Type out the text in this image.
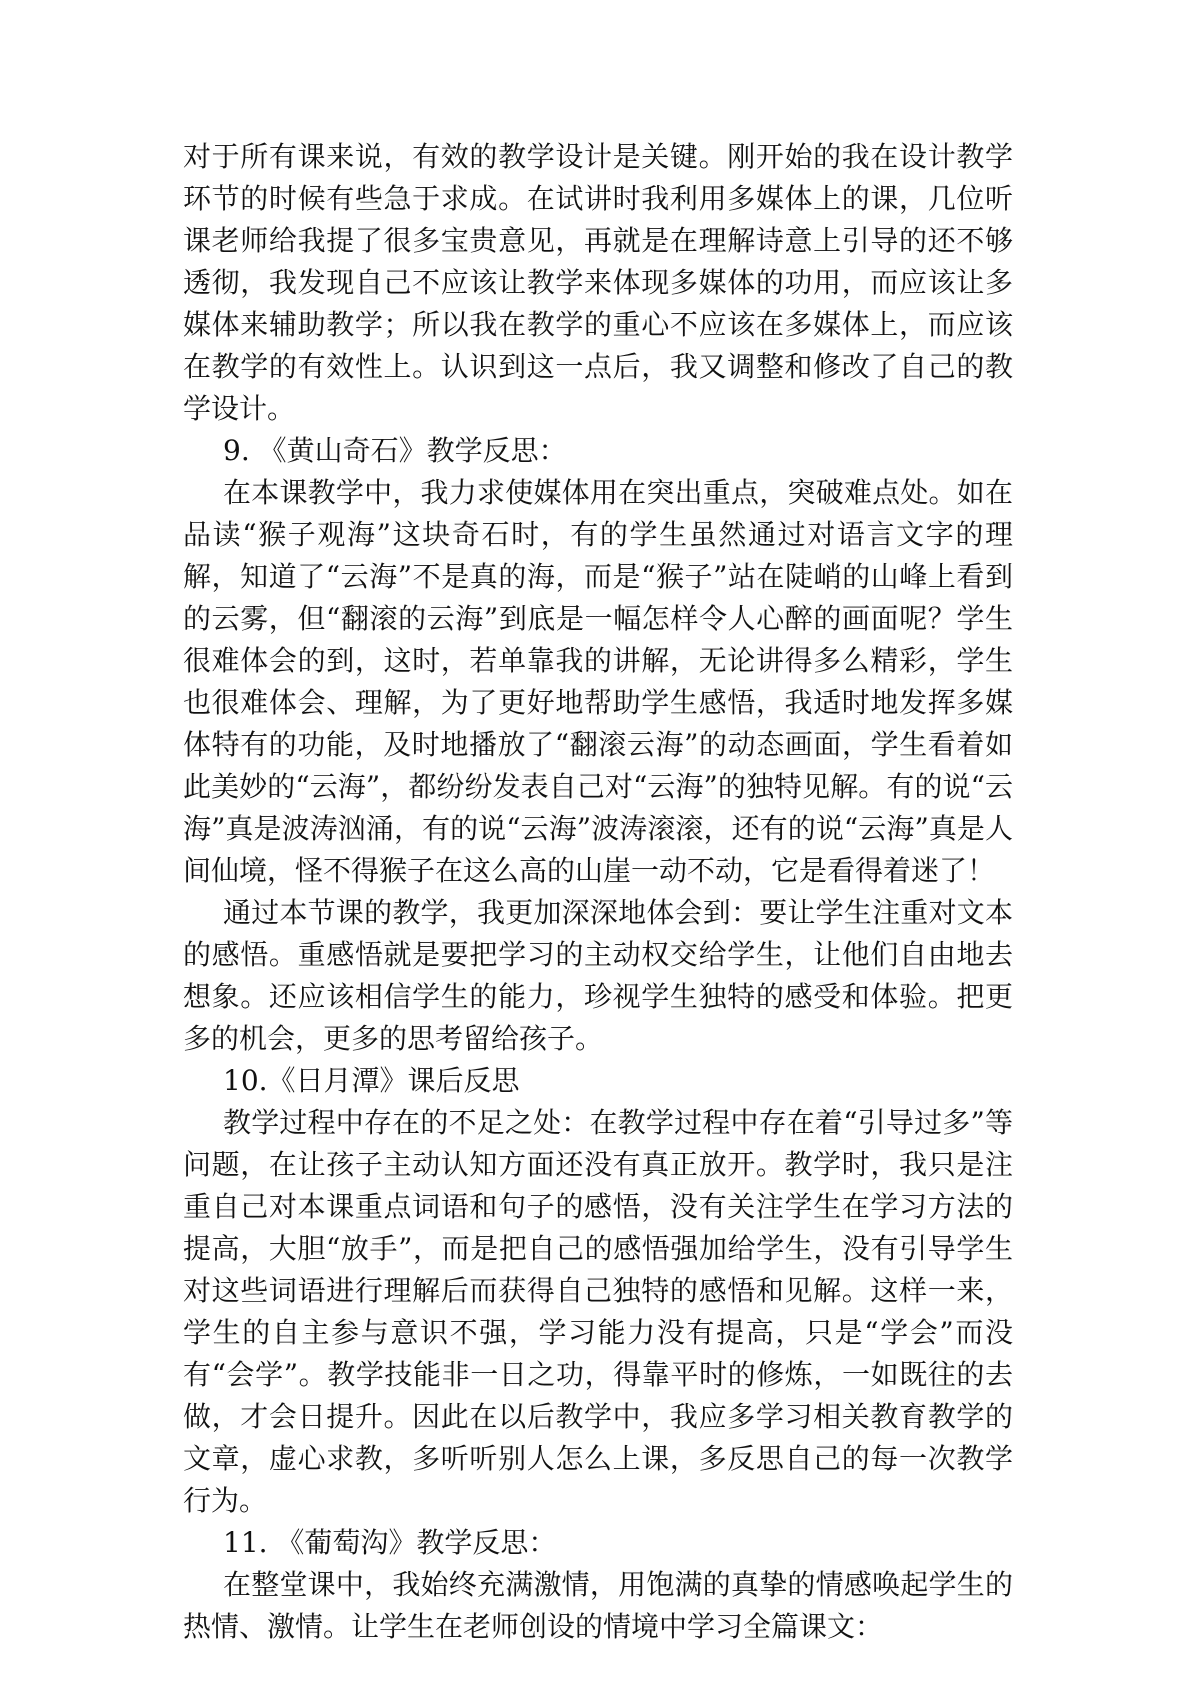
对于所有课来说，有效的教学设计是关键。刚开始的我在设计教学环节的时候有些急于求成。在试讲时我利用多媒体上的课，几位听课老师给我提了很多宝贵意见，再就是在理解诗意上引导的还不够透彻，我发现自己不应该让教学来体现多媒体的功用，而应该让多媒体来辅助教学；所以我在教学的重心不应该在多媒体上，而应该在教学的有效性上。认识到这一点后，我又调整和修改了自己的教学设计。

9. 《黄山奇石》教学反思：

在本课教学中，我力求使媒体用在突出重点，突破难点处。如在品读“猴子观海”这块奇石时，有的学生虽然通过对语言文字的理解，知道了“云海”不是真的海，而是“猴子”站在陡峭的山峰上看到的云雾，但“翻滚的云海”到底是一幅怎样令人心醉的画面呢？学生很难体会的到，这时，若单靠我的讲解，无论讲得多么精彩，学生也很难体会、理解，为了更好地帮助学生感悟，我适时地发挥多媒体特有的功能，及时地播放了“翻滚云海”的动态画面，学生看着如此美妙的“云海”，都纷纷发表自己对“云海”的独特见解。有的说“云海”真是波涛汹涌，有的说“云海”波涛滚滚，还有的说“云海”真是人间仙境，怪不得猴子在这么高的山崖一动不动，它是看得着迷了！

通过本节课的教学，我更加深深地体会到：要让学生注重对文本的感悟。重感悟就是要把学习的主动权交给学生，让他们自由地去想象。还应该相信学生的能力，珍视学生独特的感受和体验。把更多的机会，更多的思考留给孩子。

10.《日月潭》课后反思

教学过程中存在的不足之处：在教学过程中存在着“引导过多”等问题，在让孩子主动认知方面还没有真正放开。教学时，我只是注重自己对本课重点词语和句子的感悟，没有关注学生在学习方法的提高，大胆“放手”，而是把自己的感悟强加给学生，没有引导学生对这些词语进行理解后而获得自己独特的感悟和见解。这样一来，学生的自主参与意识不强，学习能力没有提高，只是“学会”而没有“会学”。教学技能非一日之功，得靠平时的修炼，一如既往的去做，才会日提升。因此在以后教学中，我应多学习相关教育教学的文章，虚心求教，多听听别人怎么上课，多反思自己的每一次教学行为。

11. 《葡萄沟》教学反思：

在整堂课中，我始终充满激情，用饱满的真挚的情感唤起学生的热情、激情。让学生在老师创设的情境中学习全篇课文：
